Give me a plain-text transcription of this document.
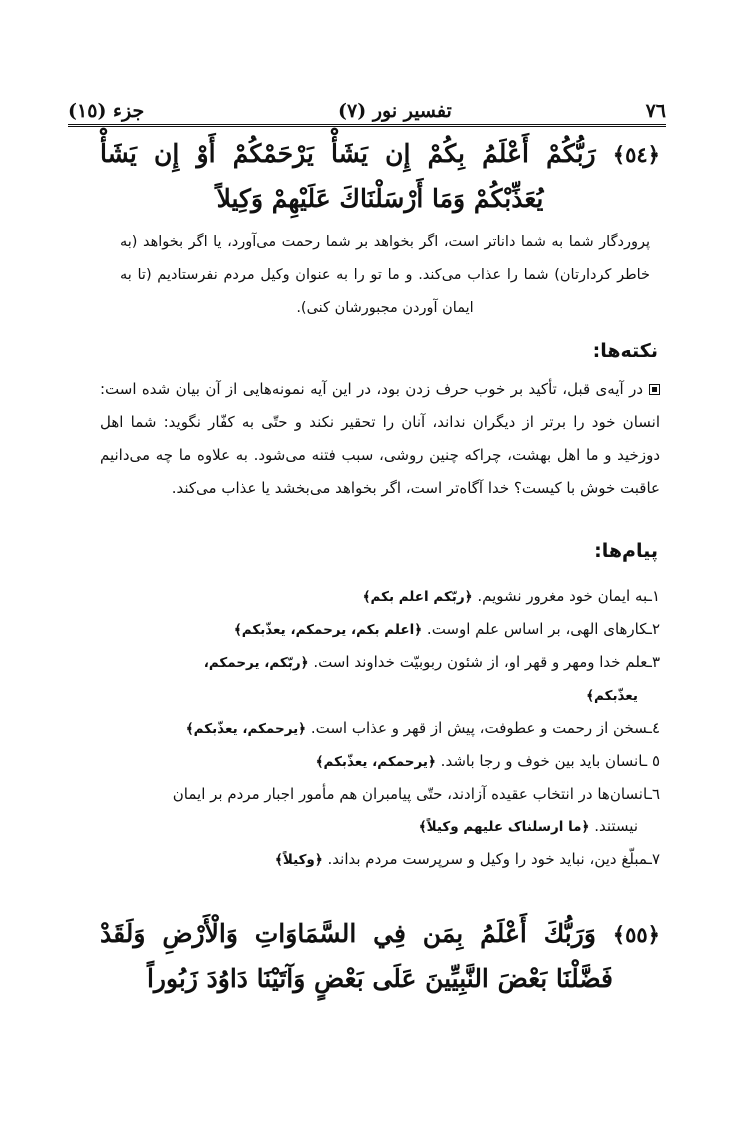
٧٦
تفسیر نور (٧)
جزء (١٥)
﴿٥٤﴾ رَبُّكُمْ أَعْلَمُ بِكُمْ إِن يَشَأْ يَرْحَمْكُمْ أَوْ إِن يَشَأْ يُعَذِّبْكُمْ وَمَا أَرْسَلْنَاكَ عَلَيْهِمْ وَكِيلاً
پروردگار شما به شما داناتر است، اگر بخواهد بر شما رحمت می‌آورد، یا اگر بخواهد (به خاطر کردارتان) شما را عذاب می‌کند. و ما تو را به عنوان وکیل مردم نفرستادیم (تا به ایمان آوردن مجبورشان کنی).
نکته‌ها:
در آیه‌ی قبل، تأکید بر خوب حرف زدن بود، در این آیه نمونه‌هایی از آن بیان شده است: انسان خود را برتر از دیگران نداند، آنان را تحقیر نکند و حتّی به کفّار نگوید: شما اهل دوزخید و ما اهل بهشت، چراکه چنین روشی، سبب فتنه می‌شود. به علاوه ما چه می‌دانیم عاقبت خوش با کیست؟ خدا آگاه‌تر است، اگر بخواهد می‌بخشد یا عذاب می‌کند.
پیام‌ها:
١ـبه ایمان خود مغرور نشویم. ﴿ربّکم اعلم بکم﴾
٢ـکارهای الهی، بر اساس علم اوست. ﴿اعلم بکم، یرحمکم، یعذّبکم﴾
٣ـعلم خدا ومهر و قهر او، از شئون ربوبیّت خداوند است. ﴿ربّکم، یرحمکم،
یعذّبکم﴾
٤ـسخن از رحمت و عطوفت، پیش از قهر و عذاب است. ﴿یرحمکم، یعذّبکم﴾
٥ ـانسان باید بین خوف و رجا باشد. ﴿یرحمکم، یعذّبکم﴾
٦ـانسان‌ها در انتخاب عقیده آزادند، حتّی پیامبران هم مأمور اجبار مردم بر ایمان
نیستند. ﴿ما ارسلناک علیهم وکیلاً﴾
٧ـمبلّغ دین، نباید خود را وکیل و سرپرست مردم بداند. ﴿وکیلاً﴾
﴿٥٥﴾ وَرَبُّكَ أَعْلَمُ بِمَن فِي السَّمَاوَاتِ وَالْأَرْضِ وَلَقَدْ فَضَّلْنَا بَعْضَ النَّبِيِّينَ عَلَى بَعْضٍ وَآتَيْنَا دَاوُدَ زَبُوراً
